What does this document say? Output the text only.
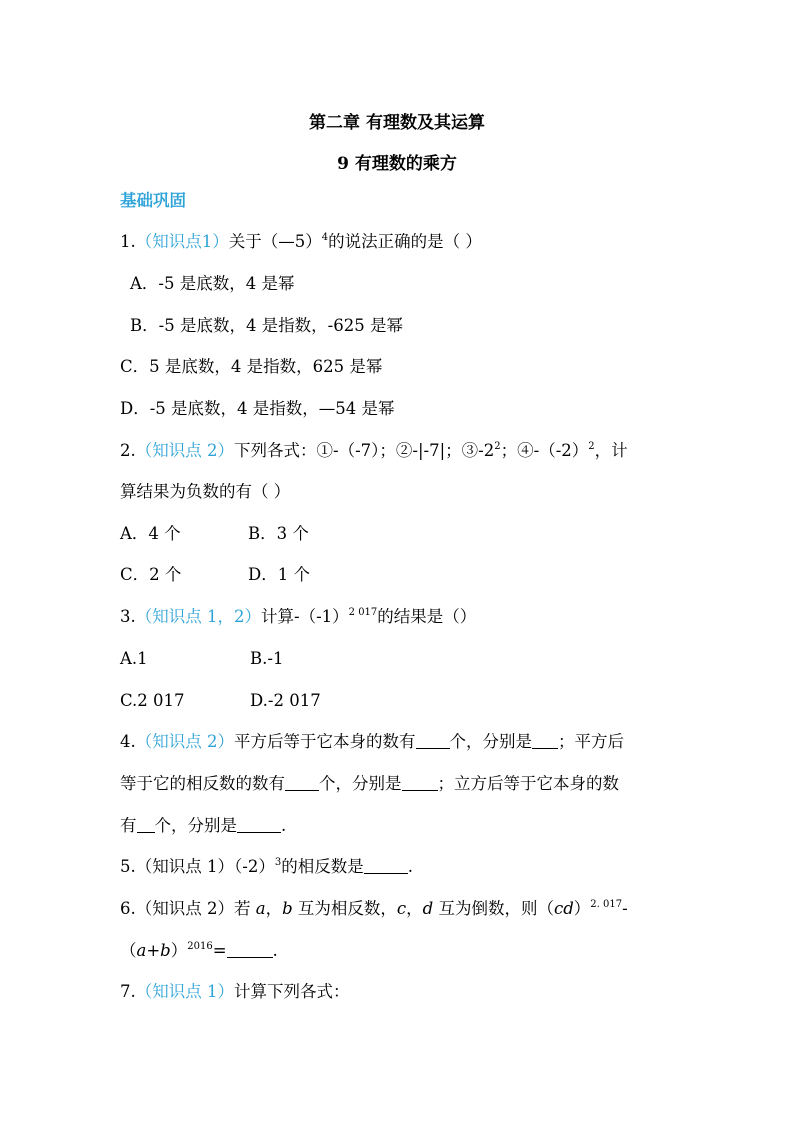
第二章 有理数及其运算
9 有理数的乘方
基础巩固
1.（知识点1）关于（—5）$^4$的说法正确的是（ ）
A．-5 是底数，4 是幂
B．-5 是底数，4 是指数，-625 是幂
C．5 是底数，4 是指数，625 是幂
D．-5 是底数，4 是指数，—54 是幂
2.（知识点 2）下列各式：①-（-7）；②-|-7|；$③-2^2$；$④-(-2)^2$，计
算结果为负数的有（ ）
A．4 个	B．3 个
C．2 个	D．1 个
3.（知识点 1，2）计算$-(-1)^{2 017}$的结果是（）
A.1	B.-1
C.2 017	D.-2 017
4.（知识点 2）平方后等于它本身的数有 个，分别是 ；平方后
等于它的相反数的数有 个，分别是 ；立方后等于它本身的数
有 个，分别是	.
5.（知识点 $1)(-2)^3$的相反数是	.
6.（知识点 2）若 a，b 互为相反数，c，d 互为倒数，则（cd）$^{2. 017}$-
$(a+b)^{2016}=$	.
7.（知识点 1）计算下列各式：
